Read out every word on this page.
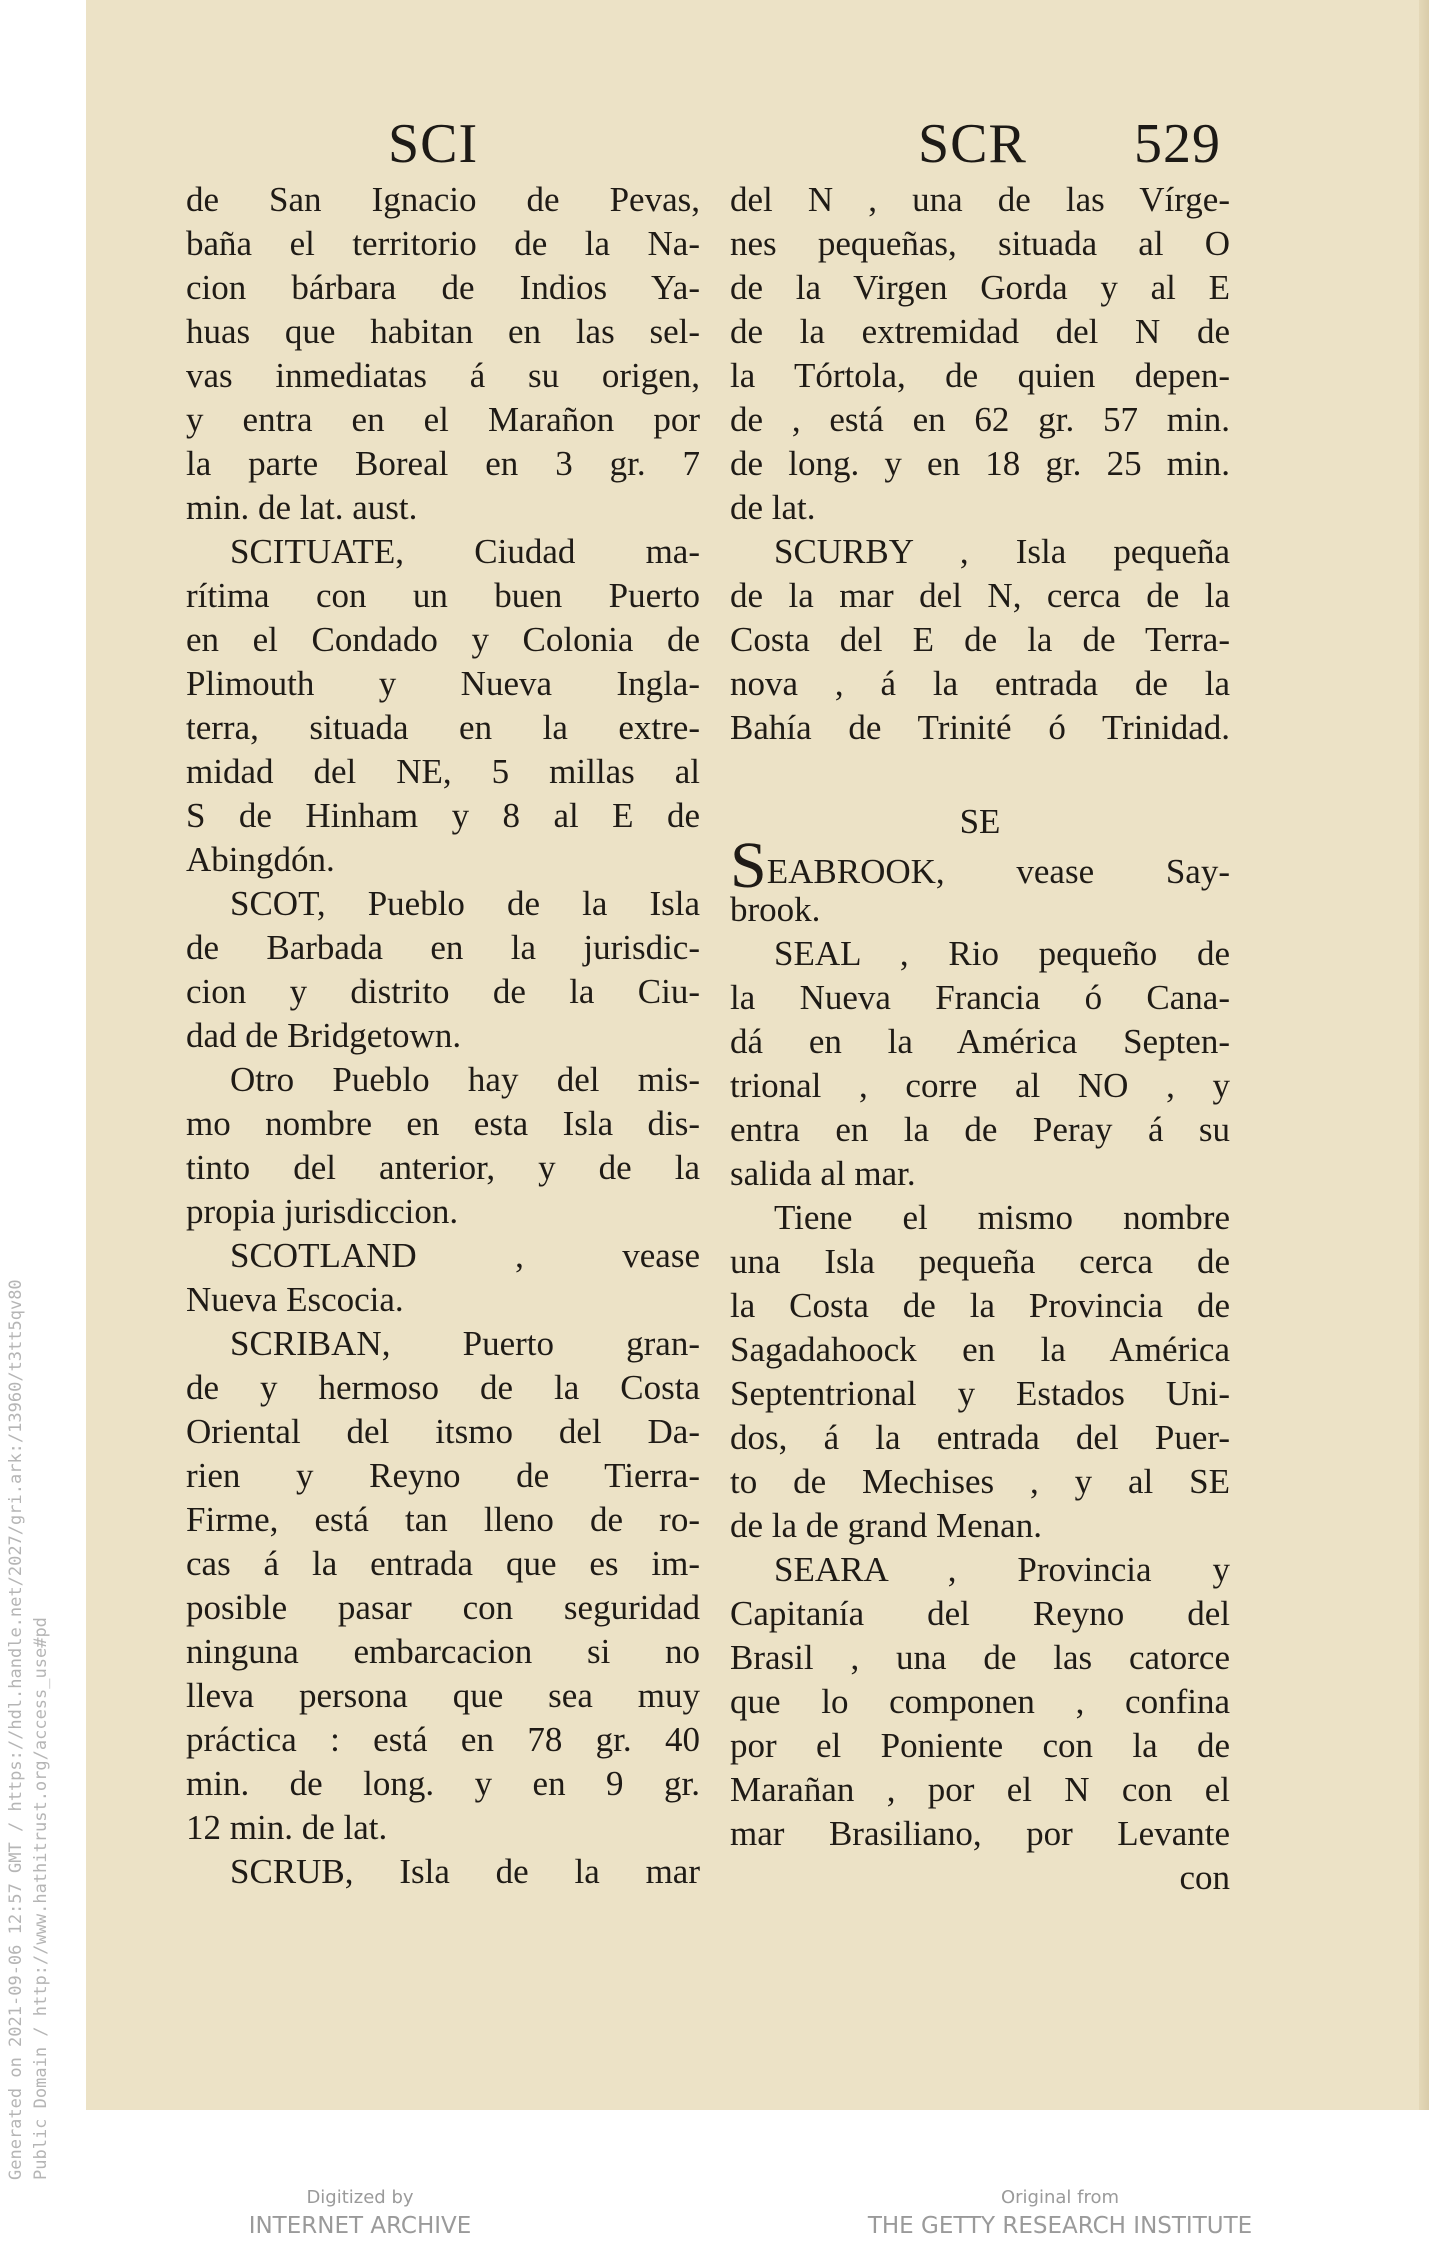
SCI	SCR 529
de San Ignacio de Pevas,
baña el territorio de la Na-
cion bárbara de Indios Ya-
huas que habitan en las sel-
vas inmediatas á su origen,
y entra en el Marañon por
la parte Boreal en 3 gr. 7
min. de lat. aust.
SCITUATE, Ciudad ma-
rítima con un buen Puerto
en el Condado y Colonia de
Plimouth y Nueva Ingla-
terra, situada en la extre-
midad del NE, 5 millas al
S de Hinham y 8 al E de
Abingdón.
SCOT, Pueblo de la Isla
de Barbada en la jurisdic-
cion y distrito de la Ciu-
dad de Bridgetown.
Otro Pueblo hay del mis-
mo nombre en esta Isla dis-
tinto del anterior, y de la
propia jurisdiccion.
SCOTLAND , vease
Nueva Escocia.
SCRIBAN, Puerto gran-
de y hermoso de la Costa
Oriental del itsmo del Da-
rien y Reyno de Tierra-
Firme, está tan lleno de ro-
cas á la entrada que es im-
posible pasar con seguridad
ninguna embarcacion si no
lleva persona que sea muy
práctica : está en 78 gr. 40
min. de long. y en 9 gr.
12 min. de lat.
SCRUB, Isla de la mar
del N , una de las Vírge-
nes pequeñas, situada al O
de la Virgen Gorda y al E
de la extremidad del N de
la Tórtola, de quien depen-
de , está en 62 gr. 57 min.
de long. y en 18 gr. 25 min.
de lat.
SCURBY , Isla pequeña
de la mar del N, cerca de la
Costa del E de la de Terra-
nova , á la entrada de la
Bahía de Trinité ó Trinidad.
SE
SEABROOK, vease Say-
brook.
SEAL , Rio pequeño de
la Nueva Francia ó Cana-
dá en la América Septen-
trional , corre al NO , y
entra en la de Peray á su
salida al mar.
Tiene el mismo nombre
una Isla pequeña cerca de
la Costa de la Provincia de
Sagadahoock en la América
Septentrional y Estados Uni-
dos, á la entrada del Puer-
to de Mechises , y al SE
de la de grand Menan.
SEARA , Provincia y
Capitanía del Reyno del
Brasil , una de las catorce
que lo componen , confina
por el Poniente con la de
Marañan , por el N con el
mar Brasiliano, por Levante
con
Generated on 2021-09-06 12:57 GMT / https://hdl.handle.net/2027/gri.ark:/13960/t3tt5qv80 Public Domain / http://www.hathitrust.org/access_use#pd
Digitized by
INTERNET ARCHIVE
Original from
THE GETTY RESEARCH INSTITUTE
